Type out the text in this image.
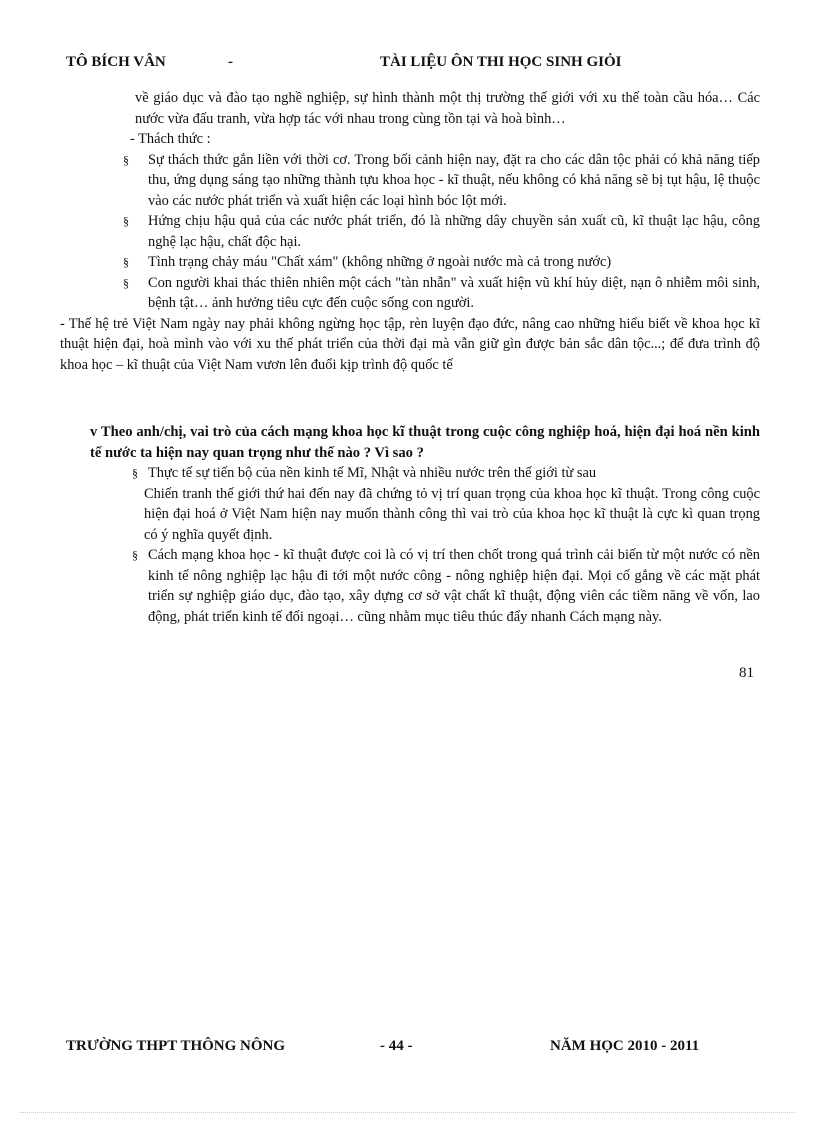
TÔ BÍCH VÂN	-	TÀI LIỆU ÔN THI HỌC SINH GIỎI

về giáo dục và đào tạo nghề nghiệp, sự hình thành một thị trường thế giới với xu thế toàn cầu hóa… Các nước vừa đấu tranh, vừa hợp tác với nhau trong cùng tồn tại và hoà bình…

- Thách thức :

§	Sự thách thức gắn liền với thời cơ. Trong bối cảnh hiện nay, đặt ra cho các dân tộc phải có khả năng tiếp thu, ứng dụng sáng tạo những thành tựu khoa học - kĩ thuật, nếu không có khả năng sẽ bị tụt hậu, lệ thuộc vào các nước phát triển và xuất hiện các loại hình bóc lột mới.
§	Hứng chịu hậu quả của các nước phát triển, đó là những dây chuyền sản xuất cũ, kĩ thuật lạc hậu, công nghệ lạc hậu, chất độc hại.
§	Tình trạng chảy máu "Chất xám" (không những ở ngoài nước mà cả trong nước)
§	Con người khai thác thiên nhiên một cách "tàn nhẫn" và xuất hiện vũ khí hủy diệt, nạn ô nhiễm môi sinh, bệnh tật… ảnh hưởng tiêu cực đến cuộc sống con người.

- Thế hệ trẻ Việt Nam ngày nay phải không ngừng học tập, rèn luyện đạo đức, nâng cao những hiểu biết về khoa học kĩ thuật hiện đại, hoà mình vào với xu thế phát triển của thời đại mà vẫn giữ gìn được bản sắc dân tộc...; để đưa trình độ khoa học – kĩ thuật của Việt Nam vươn lên đuổi kịp trình độ quốc tế

v Theo anh/chị, vai trò của cách mạng khoa học kĩ thuật trong cuộc công nghiệp hoá, hiện đại hoá nền kinh tế nước ta hiện nay quan trọng như thế nào ? Vì sao ?

§ Thực tế sự tiến bộ của nền kinh tế Mĩ, Nhật và nhiều nước trên thế giới từ sau

Chiến tranh thế giới thứ hai đến nay đã chứng tỏ vị trí quan trọng của khoa học kĩ thuật. Trong công cuộc hiện đại hoá ở Việt Nam hiện nay muốn thành công thì vai trò của khoa học kĩ thuật là cực kì quan trọng có ý nghĩa quyết định.

§ Cách mạng khoa học - kĩ thuật được coi là có vị trí then chốt trong quá trình cải biến từ một nước có nền kinh tế nông nghiệp lạc hậu đi tới một nước công - nông nghiệp hiện đại. Mọi cố gắng về các mặt phát triển sự nghiệp giáo dục, đào tạo, xây dựng cơ sở vật chất kĩ thuật, động viên các tiềm năng về vốn, lao động, phát triển kinh tế đối ngoại… cũng nhằm mục tiêu thúc đẩy nhanh Cách mạng này.
81
TRƯỜNG THPT THÔNG NÔNG	- 44 -	NĂM HỌC 2010 - 2011
